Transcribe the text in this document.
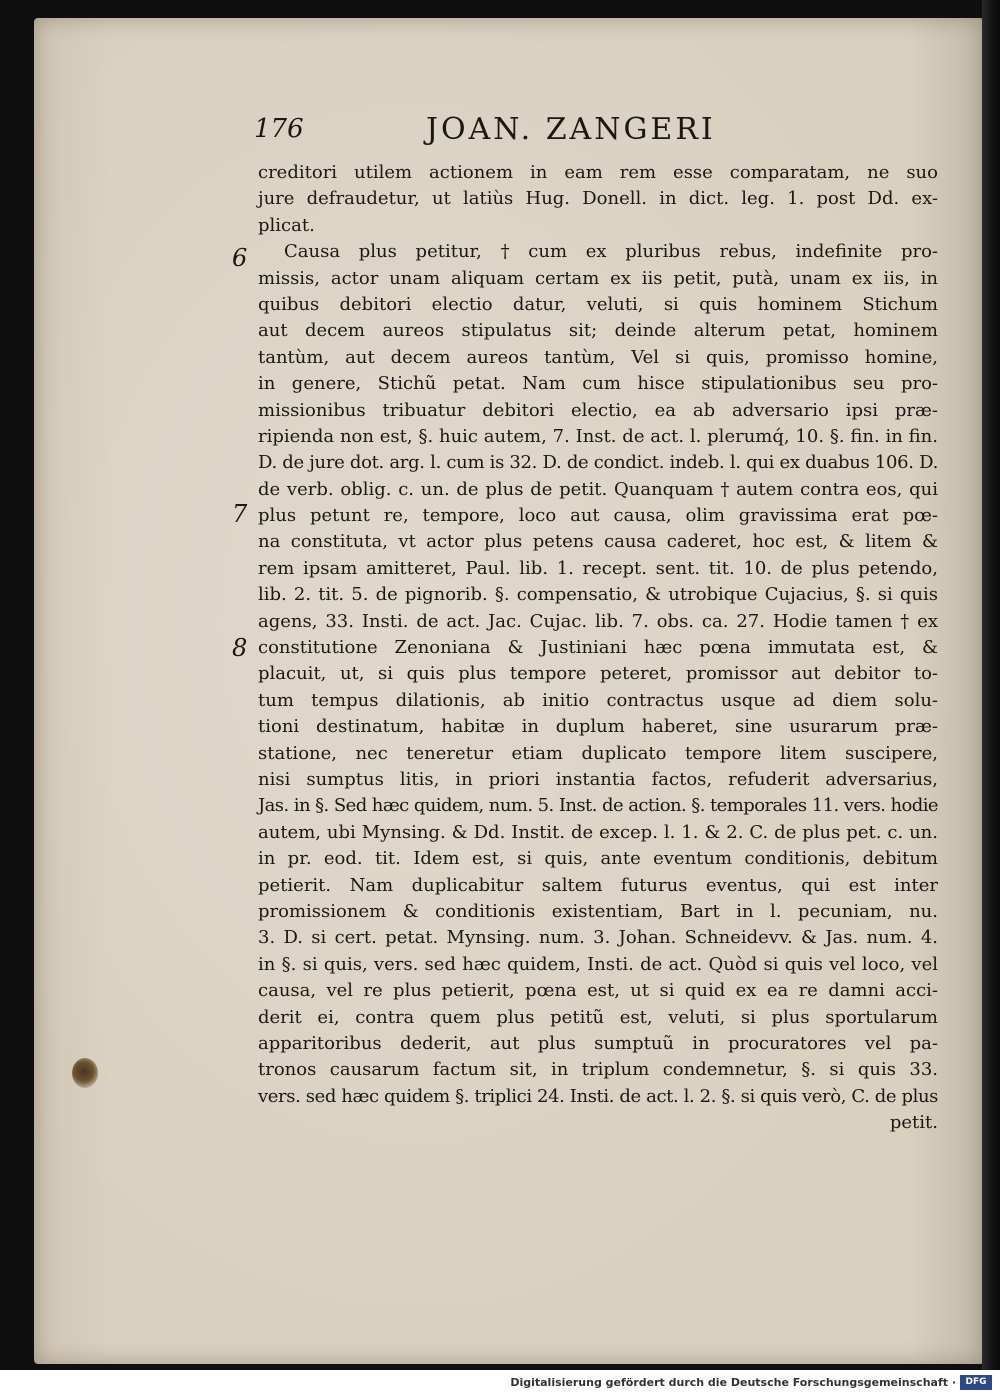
176	JOAN. ZANGERI
creditori utilem actionem in eam rem esse comparatam, ne suo
jure defraudetur, ut latiùs Hug. Donell. in dict. leg. 1. post Dd. ex-
plicat.
Causa plus petitur, † cum ex pluribus rebus, indefinite pro-
missis, actor unam aliquam certam ex iis petit, putà, unam ex iis, in
quibus debitori electio datur, veluti, si quis hominem Stichum
aut decem aureos stipulatus sit; deinde alterum petat, hominem
tantùm, aut decem aureos tantùm, Vel si quis, promisso homine,
in genere, Stichũ petat. Nam cum hisce stipulationibus seu pro-
missionibus tribuatur debitori electio, ea ab adversario ipsi præ-
ripienda non est, §. huic autem, 7. Inst. de act. l. plerumq́, 10. §. fin. in fin.
D. de jure dot. arg. l. cum is 32. D. de condict. indeb. l. qui ex duabus 106. D.
de verb. oblig. c. un. de plus de petit. Quanquam † autem contra eos, qui
plus petunt re, tempore, loco aut causa, olim gravissima erat pœ-
na constituta, vt actor plus petens causa caderet, hoc est, & litem &
rem ipsam amitteret, Paul. lib. 1. recept. sent. tit. 10. de plus petendo,
lib. 2. tit. 5. de pignorib. §. compensatio, & utrobique Cujacius, §. si quis
agens, 33. Insti. de act. Jac. Cujac. lib. 7. obs. ca. 27. Hodie tamen † ex
constitutione Zenoniana & Justiniani hæc pœna immutata est, &
placuit, ut, si quis plus tempore peteret, promissor aut debitor to-
tum tempus dilationis, ab initio contractus usque ad diem solu-
tioni destinatum, habitæ in duplum haberet, sine usurarum præ-
statione, nec teneretur etiam duplicato tempore litem suscipere,
nisi sumptus litis, in priori instantia factos, refuderit adversarius,
Jas. in §. Sed hæc quidem, num. 5. Inst. de action. §. temporales 11. vers. hodie
autem, ubi Mynsing. & Dd. Instit. de excep. l. 1. & 2. C. de plus pet. c. un.
in pr. eod. tit. Idem est, si quis, ante eventum conditionis, debitum
petierit. Nam duplicabitur saltem futurus eventus, qui est inter
promissionem & conditionis existentiam, Bart in l. pecuniam, nu.
3. D. si cert. petat. Mynsing. num. 3. Johan. Schneidevv. & Jas. num. 4.
in §. si quis, vers. sed hæc quidem, Insti. de act. Quòd si quis vel loco, vel
causa, vel re plus petierit, pœna est, ut si quid ex ea re damni acci-
derit ei, contra quem plus petitũ est, veluti, si plus sportularum
apparitoribus dederit, aut plus sumptuũ in procuratores vel pa-
tronos causarum factum sit, in triplum condemnetur, §. si quis 33.
vers. sed hæc quidem §. triplici 24. Insti. de act. l. 2. §. si quis verò, C. de plus
petit.
6
7
8
Digitalisierung gefördert durch die Deutsche Forschungsgemeinschaft ·	DFG
